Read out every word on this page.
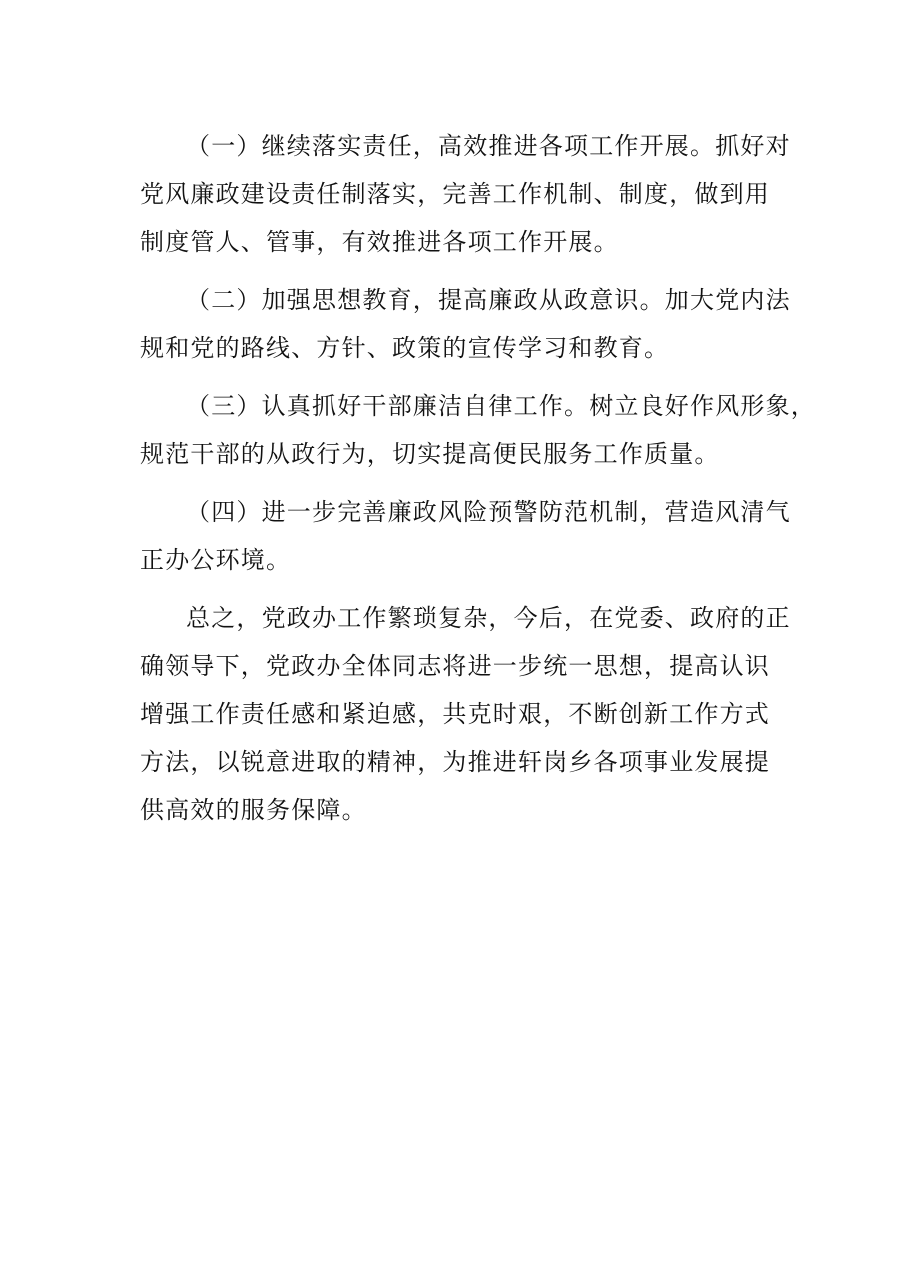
（一）继续落实责任，高效推进各项工作开展。抓好对
党风廉政建设责任制落实，完善工作机制、制度，做到用
制度管人、管事，有效推进各项工作开展。
（二）加强思想教育，提高廉政从政意识。加大党内法
规和党的路线、方针、政策的宣传学习和教育。
（三）认真抓好干部廉洁自律工作。树立良好作风形象，
规范干部的从政行为，切实提高便民服务工作质量。
（四）进一步完善廉政风险预警防范机制，营造风清气
正办公环境。
总之，党政办工作繁琐复杂，今后，在党委、政府的正
确领导下，党政办全体同志将进一步统一思想，提高认识
增强工作责任感和紧迫感，共克时艰，不断创新工作方式
方法，以锐意进取的精神，为推进轩岗乡各项事业发展提
供高效的服务保障。
